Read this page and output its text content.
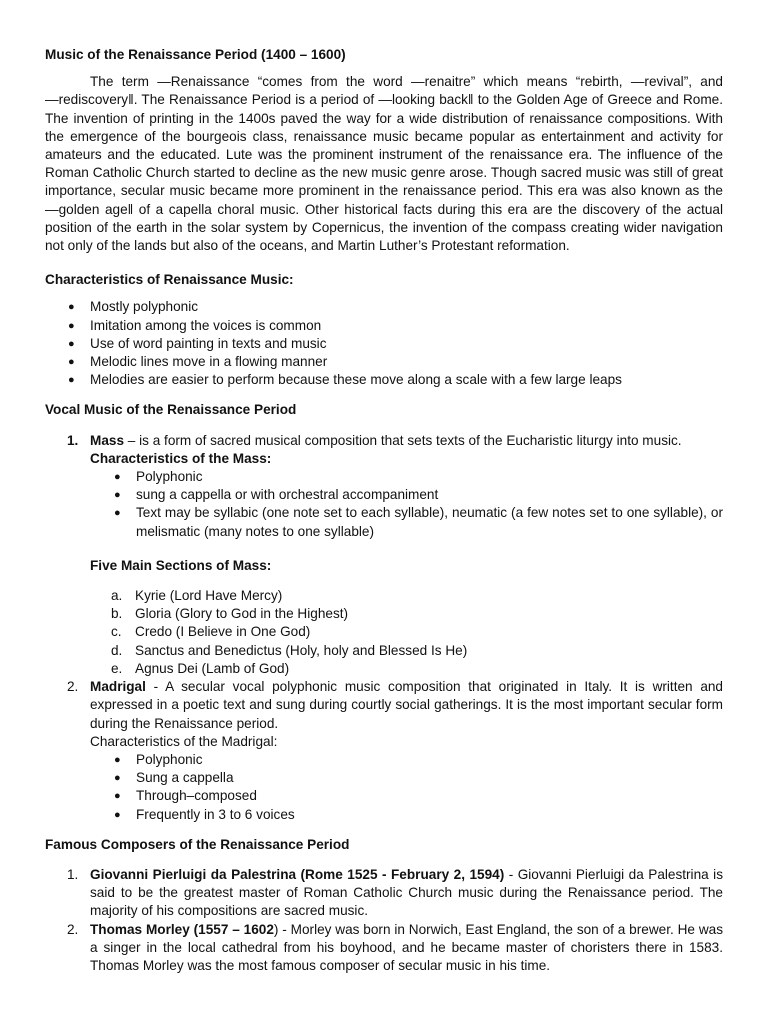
Music of the Renaissance Period (1400 – 1600)

The term ―Renaissance “comes from the word ―renaitre” which means “rebirth, ―revival”, and ―rediscovery‖. The Renaissance Period is a period of ―looking back‖ to the Golden Age of Greece and Rome. The invention of printing in the 1400s paved the way for a wide distribution of renaissance compositions. With the emergence of the bourgeois class, renaissance music became popular as entertainment and activity for amateurs and the educated. Lute was the prominent instrument of the renaissance era. The influence of the Roman Catholic Church started to decline as the new music genre arose. Though sacred music was still of great importance, secular music became more prominent in the renaissance period. This era was also known as the ―golden age‖ of a capella choral music. Other historical facts during this era are the discovery of the actual position of the earth in the solar system by Copernicus, the invention of the compass creating wider navigation not only of the lands but also of the oceans, and Martin Luther’s Protestant reformation.

Characteristics of Renaissance Music:

● Mostly polyphonic
● Imitation among the voices is common
● Use of word painting in texts and music
● Melodic lines move in a flowing manner
● Melodies are easier to perform because these move along a scale with a few large leaps

Vocal Music of the Renaissance Period

1. Mass – is a form of sacred musical composition that sets texts of the Eucharistic liturgy into music.

Characteristics of the Mass:

● Polyphonic
● sung a cappella or with orchestral accompaniment
● Text may be syllabic (one note set to each syllable), neumatic (a few notes set to one syllable), or melismatic (many notes to one syllable)

Five Main Sections of Mass:

a. Kyrie (Lord Have Mercy)
b. Gloria (Glory to God in the Highest)
c. Credo (I Believe in One God)
d. Sanctus and Benedictus (Holy, holy and Blessed Is He)
e. Agnus Dei (Lamb of God)
2. Madrigal - A secular vocal polyphonic music composition that originated in Italy. It is written and expressed in a poetic text and sung during courtly social gatherings. It is the most important secular form during the Renaissance period.

Characteristics of the Madrigal:

● Polyphonic
● Sung a cappella
● Through–composed
● Frequently in 3 to 6 voices

Famous Composers of the Renaissance Period

1. Giovanni Pierluigi da Palestrina (Rome 1525 - February 2, 1594) - Giovanni Pierluigi da Palestrina is said to be the greatest master of Roman Catholic Church music during the Renaissance period. The majority of his compositions are sacred music.

2. Thomas Morley (1557 – 1602) - Morley was born in Norwich, East England, the son of a brewer. He was a singer in the local cathedral from his boyhood, and he became master of choristers there in 1583. Thomas Morley was the most famous composer of secular music in his time.
